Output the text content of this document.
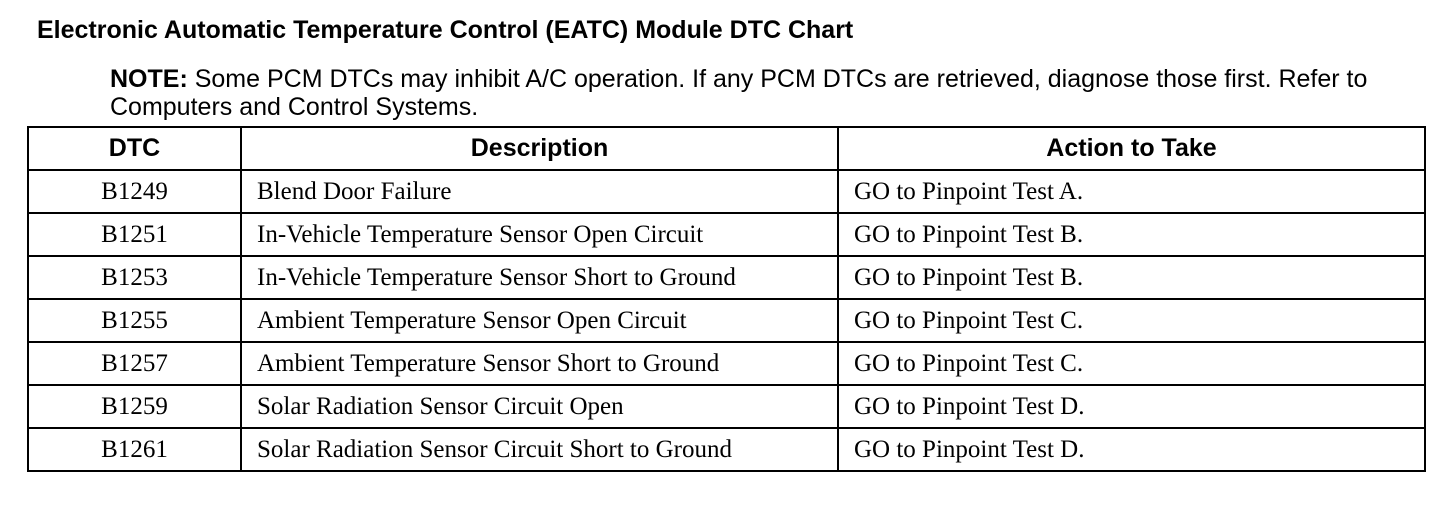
Electronic Automatic Temperature Control (EATC) Module DTC Chart
NOTE: Some PCM DTCs may inhibit A/C operation. If any PCM DTCs are retrieved, diagnose those first. Refer to Computers and Control Systems.
DTC	Description	Action to Take
B1249	Blend Door Failure	GO to Pinpoint Test A.
B1251	In-Vehicle Temperature Sensor Open Circuit	GO to Pinpoint Test B.
B1253	In-Vehicle Temperature Sensor Short to Ground	GO to Pinpoint Test B.
B1255	Ambient Temperature Sensor Open Circuit	GO to Pinpoint Test C.
B1257	Ambient Temperature Sensor Short to Ground	GO to Pinpoint Test C.
B1259	Solar Radiation Sensor Circuit Open	GO to Pinpoint Test D.
B1261	Solar Radiation Sensor Circuit Short to Ground	GO to Pinpoint Test D.
